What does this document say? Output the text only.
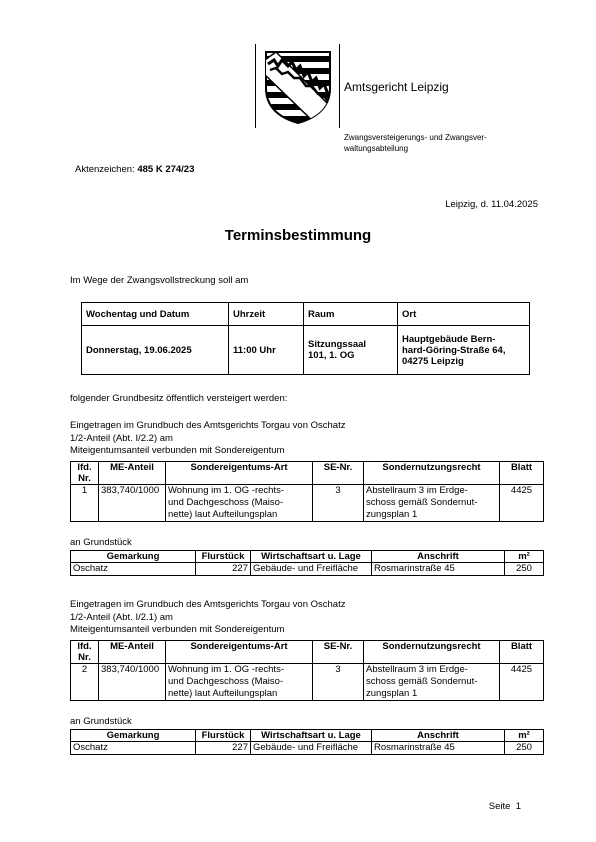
Amtsgericht Leipzig
Zwangsversteigerungs- und Zwangsver-
waltungsabteilung
Aktenzeichen: 485 K 274/23
Leipzig, d. 11.04.2025
Terminsbestimmung
Im Wege der Zwangsvollstreckung soll am
Wochentag und Datum	Uhrzeit	Raum	Ort
Donnerstag, 19.06.2025	11:00 Uhr	Sitzungssaal
101, 1. OG	Hauptgebäude Bern-
hard-Göring-Straße 64,
04275 Leipzig
folgender Grundbesitz öffentlich versteigert werden:
Eingetragen im Grundbuch des Amtsgerichts Torgau von Oschatz
1/2-Anteil (Abt. I/2.2) am
Miteigentumsanteil verbunden mit Sondereigentum
lfd.
Nr.	ME-Anteil	Sondereigentums-Art	SE-Nr.	Sondernutzungsrecht	Blatt
1	383,740/1000	Wohnung im 1. OG -rechts-
und Dachgeschoss (Maiso-
nette) laut Aufteilungsplan	3	Abstellraum 3 im Erdge-
schoss gemäß Sondernut-
zungsplan 1	4425
an Grundstück
Gemarkung	Flurstück	Wirtschaftsart u. Lage	Anschrift	m²
Oschatz	227	Gebäude- und Freifläche	Rosmarinstraße 45	250
Eingetragen im Grundbuch des Amtsgerichts Torgau von Oschatz
1/2-Anteil (Abt. I/2.1) am
Miteigentumsanteil verbunden mit Sondereigentum
lfd.
Nr.	ME-Anteil	Sondereigentums-Art	SE-Nr.	Sondernutzungsrecht	Blatt
2	383,740/1000	Wohnung im 1. OG -rechts-
und Dachgeschoss (Maiso-
nette) laut Aufteilungsplan	3	Abstellraum 3 im Erdge-
schoss gemäß Sondernut-
zungsplan 1	4425
an Grundstück
Gemarkung	Flurstück	Wirtschaftsart u. Lage	Anschrift	m²
Oschatz	227	Gebäude- und Freifläche	Rosmarinstraße 45	250
Seite  1
